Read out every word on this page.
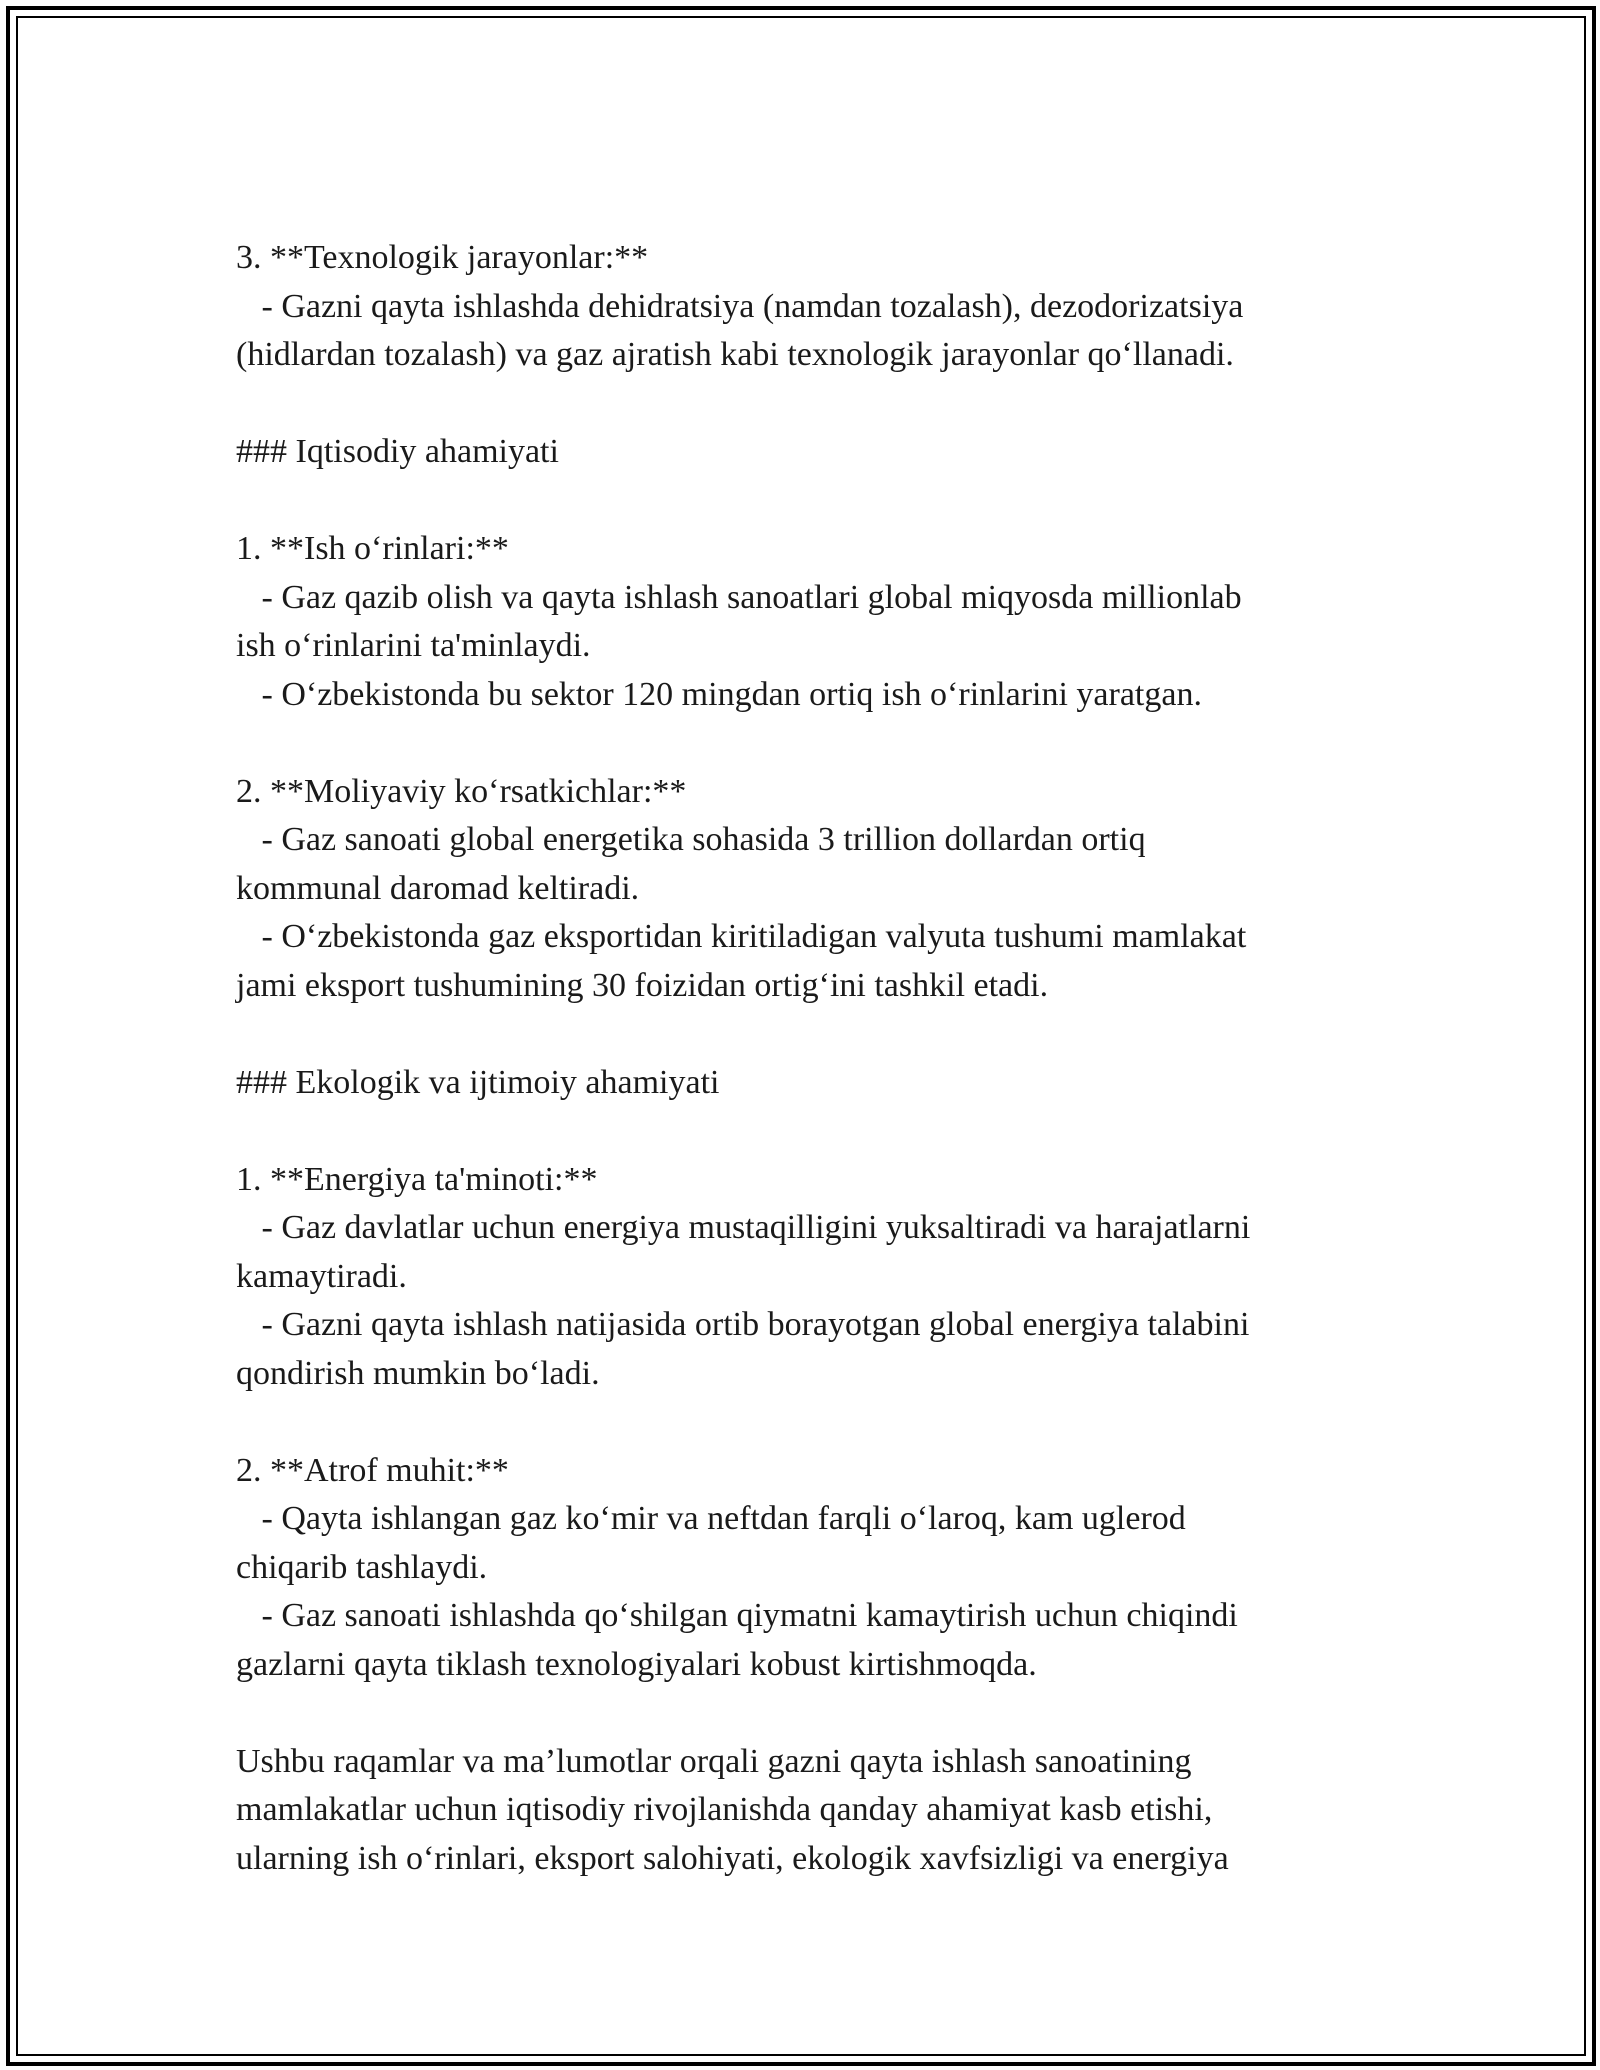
3. **Texnologik jarayonlar:**

- Gazni qayta ishlashda dehidratsiya (namdan tozalash), dezodorizatsiya

(hidlardan tozalash) va gaz ajratish kabi texnologik jarayonlar qo‘llanadi.

### Iqtisodiy ahamiyati

1. **Ish o‘rinlari:**

- Gaz qazib olish va qayta ishlash sanoatlari global miqyosda millionlab

ish o‘rinlarini ta'minlaydi.

- O‘zbekistonda bu sektor 120 mingdan ortiq ish o‘rinlarini yaratgan.

2. **Moliyaviy ko‘rsatkichlar:**

- Gaz sanoati global energetika sohasida 3 trillion dollardan ortiq

kommunal daromad keltiradi.

- O‘zbekistonda gaz eksportidan kiritiladigan valyuta tushumi mamlakat

jami eksport tushumining 30 foizidan ortig‘ini tashkil etadi.

### Ekologik va ijtimoiy ahamiyati

1. **Energiya ta'minoti:**

- Gaz davlatlar uchun energiya mustaqilligini yuksaltiradi va harajatlarni

kamaytiradi.

- Gazni qayta ishlash natijasida ortib borayotgan global energiya talabini

qondirish mumkin bo‘ladi.

2. **Atrof muhit:**

- Qayta ishlangan gaz ko‘mir va neftdan farqli o‘laroq, kam uglerod

chiqarib tashlaydi.

- Gaz sanoati ishlashda qo‘shilgan qiymatni kamaytirish uchun chiqindi

gazlarni qayta tiklash texnologiyalari kobust kirtishmoqda.

Ushbu raqamlar va ma’lumotlar orqali gazni qayta ishlash sanoatining

mamlakatlar uchun iqtisodiy rivojlanishda qanday ahamiyat kasb etishi,

ularning ish o‘rinlari, eksport salohiyati, ekologik xavfsizligi va energiya
